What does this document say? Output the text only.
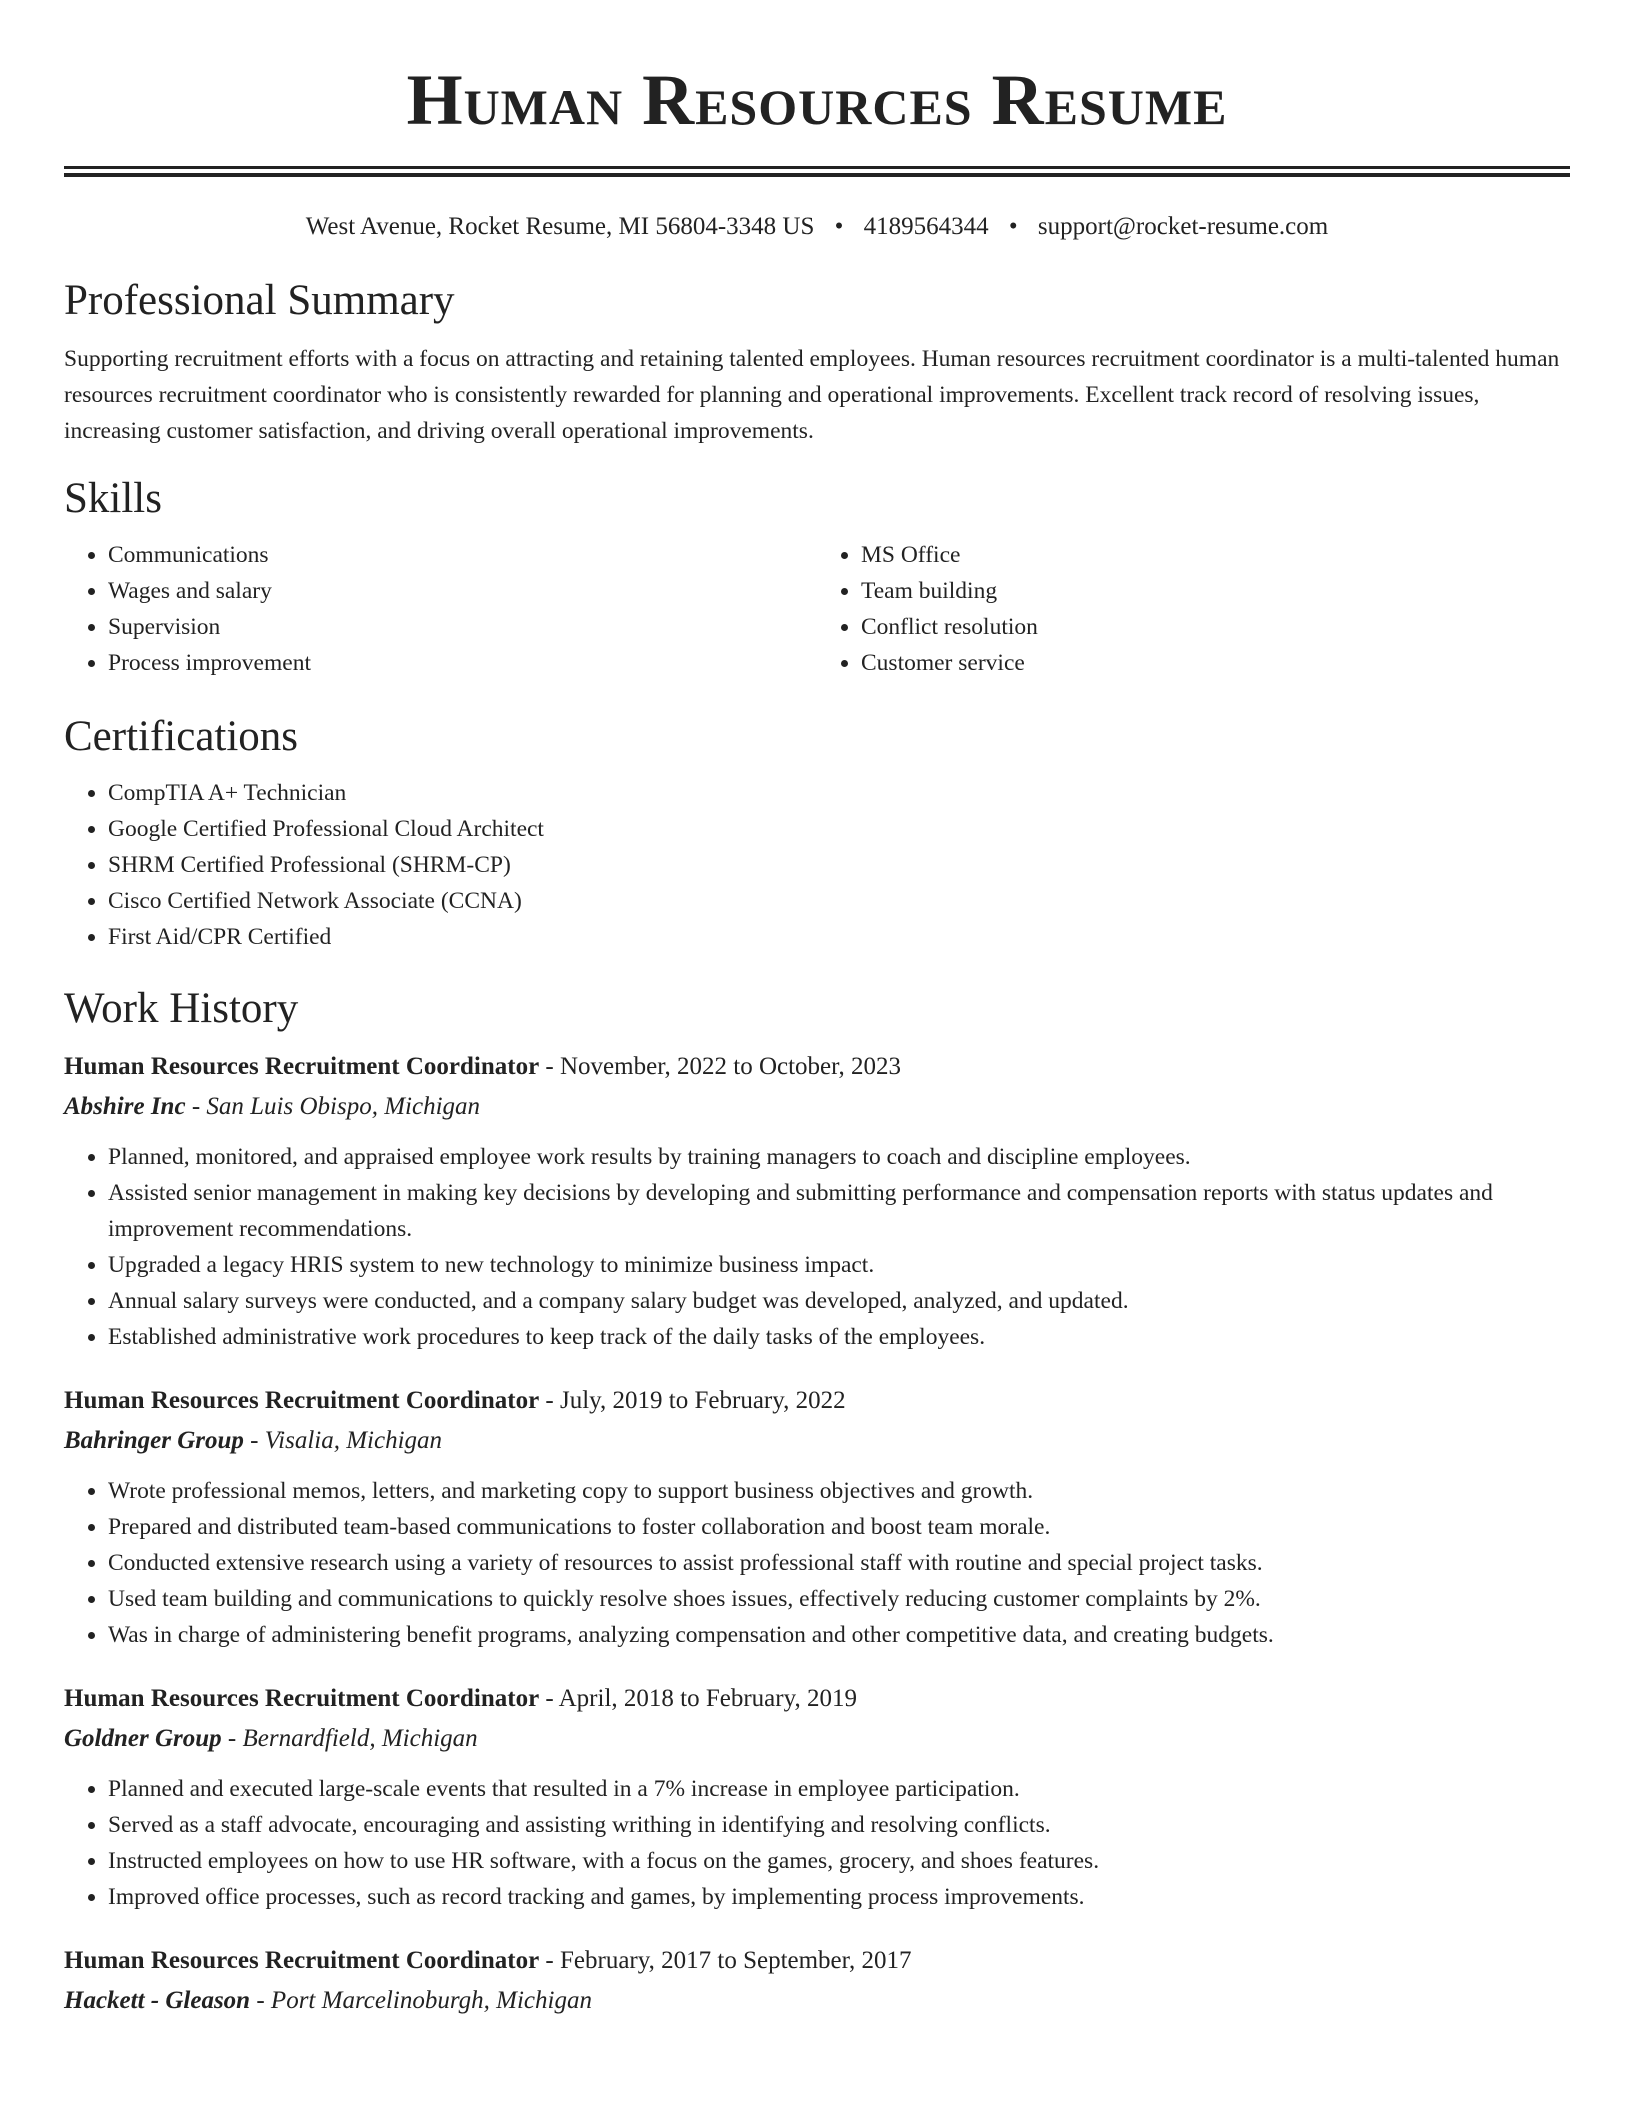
Human Resources Resume
West Avenue, Rocket Resume, MI 56804-3348 US • 4189564344 • support@rocket-resume.com
Professional Summary

Supporting recruitment efforts with a focus on attracting and retaining talented employees. Human resources recruitment coordinator is a multi-talented human resources recruitment coordinator who is consistently rewarded for planning and operational improvements. Excellent track record of resolving issues, increasing customer satisfaction, and driving overall operational improvements.

Skills
• Communications
• Wages and salary
• Supervision
• Process improvement
• MS Office
• Team building
• Conflict resolution
• Customer service
Certifications
• CompTIA A+ Technician
• Google Certified Professional Cloud Architect
• SHRM Certified Professional (SHRM-CP)
• Cisco Certified Network Associate (CCNA)
• First Aid/CPR Certified
Work History
Human Resources Recruitment Coordinator - November, 2022 to October, 2023
Abshire Inc - San Luis Obispo, Michigan
• Planned, monitored, and appraised employee work results by training managers to coach and discipline employees.
• Assisted senior management in making key decisions by developing and submitting performance and compensation reports with status updates and improvement recommendations.
• Upgraded a legacy HRIS system to new technology to minimize business impact.
• Annual salary surveys were conducted, and a company salary budget was developed, analyzed, and updated.
• Established administrative work procedures to keep track of the daily tasks of the employees.
Human Resources Recruitment Coordinator - July, 2019 to February, 2022
Bahringer Group - Visalia, Michigan
• Wrote professional memos, letters, and marketing copy to support business objectives and growth.
• Prepared and distributed team-based communications to foster collaboration and boost team morale.
• Conducted extensive research using a variety of resources to assist professional staff with routine and special project tasks.
• Used team building and communications to quickly resolve shoes issues, effectively reducing customer complaints by 2%.
• Was in charge of administering benefit programs, analyzing compensation and other competitive data, and creating budgets.
Human Resources Recruitment Coordinator - April, 2018 to February, 2019
Goldner Group - Bernardfield, Michigan
• Planned and executed large-scale events that resulted in a 7% increase in employee participation.
• Served as a staff advocate, encouraging and assisting writhing in identifying and resolving conflicts.
• Instructed employees on how to use HR software, with a focus on the games, grocery, and shoes features.
• Improved office processes, such as record tracking and games, by implementing process improvements.
Human Resources Recruitment Coordinator - February, 2017 to September, 2017
Hackett - Gleason - Port Marcelinoburgh, Michigan
